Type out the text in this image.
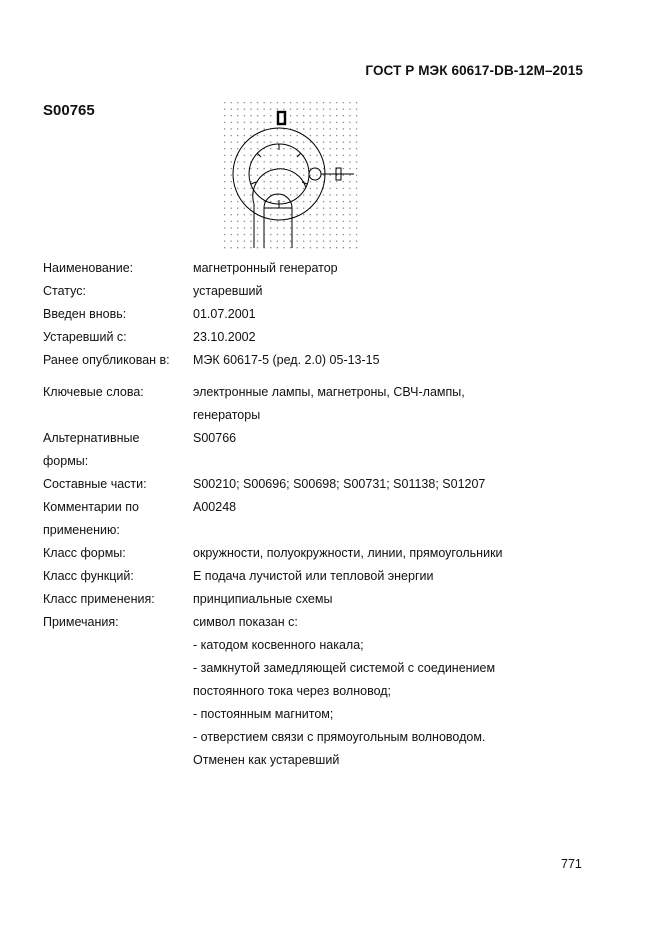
ГОСТ Р МЭК 60617-DB-12M–2015
S00765
Наименование:	магнетронный генератор
Статус:	устаревший
Введен вновь:	01.07.2001
Устаревший с:	23.10.2002
Ранее опубликован в:	МЭК 60617-5 (ред. 2.0) 05-13-15
Ключевые слова:	электронные лампы, магнетроны, СВЧ-лампы,
генераторы
Альтернативные
формы:
S00766
Составные части:	S00210; S00696; S00698; S00731; S01138; S01207
Комментарии по
применению:
A00248
Класс формы:	окружности, полуокружности, линии, прямоугольники
Класс функций:	Е подача лучистой или тепловой энергии
Класс применения:	принципиальные схемы
Примечания:	символ показан с:
- катодом косвенного накала;
- замкнутой замедляющей системой с соединением
постоянного тока через волновод;
- постоянным магнитом;
- отверстием связи с прямоугольным волноводом.
Отменен как устаревший
771
